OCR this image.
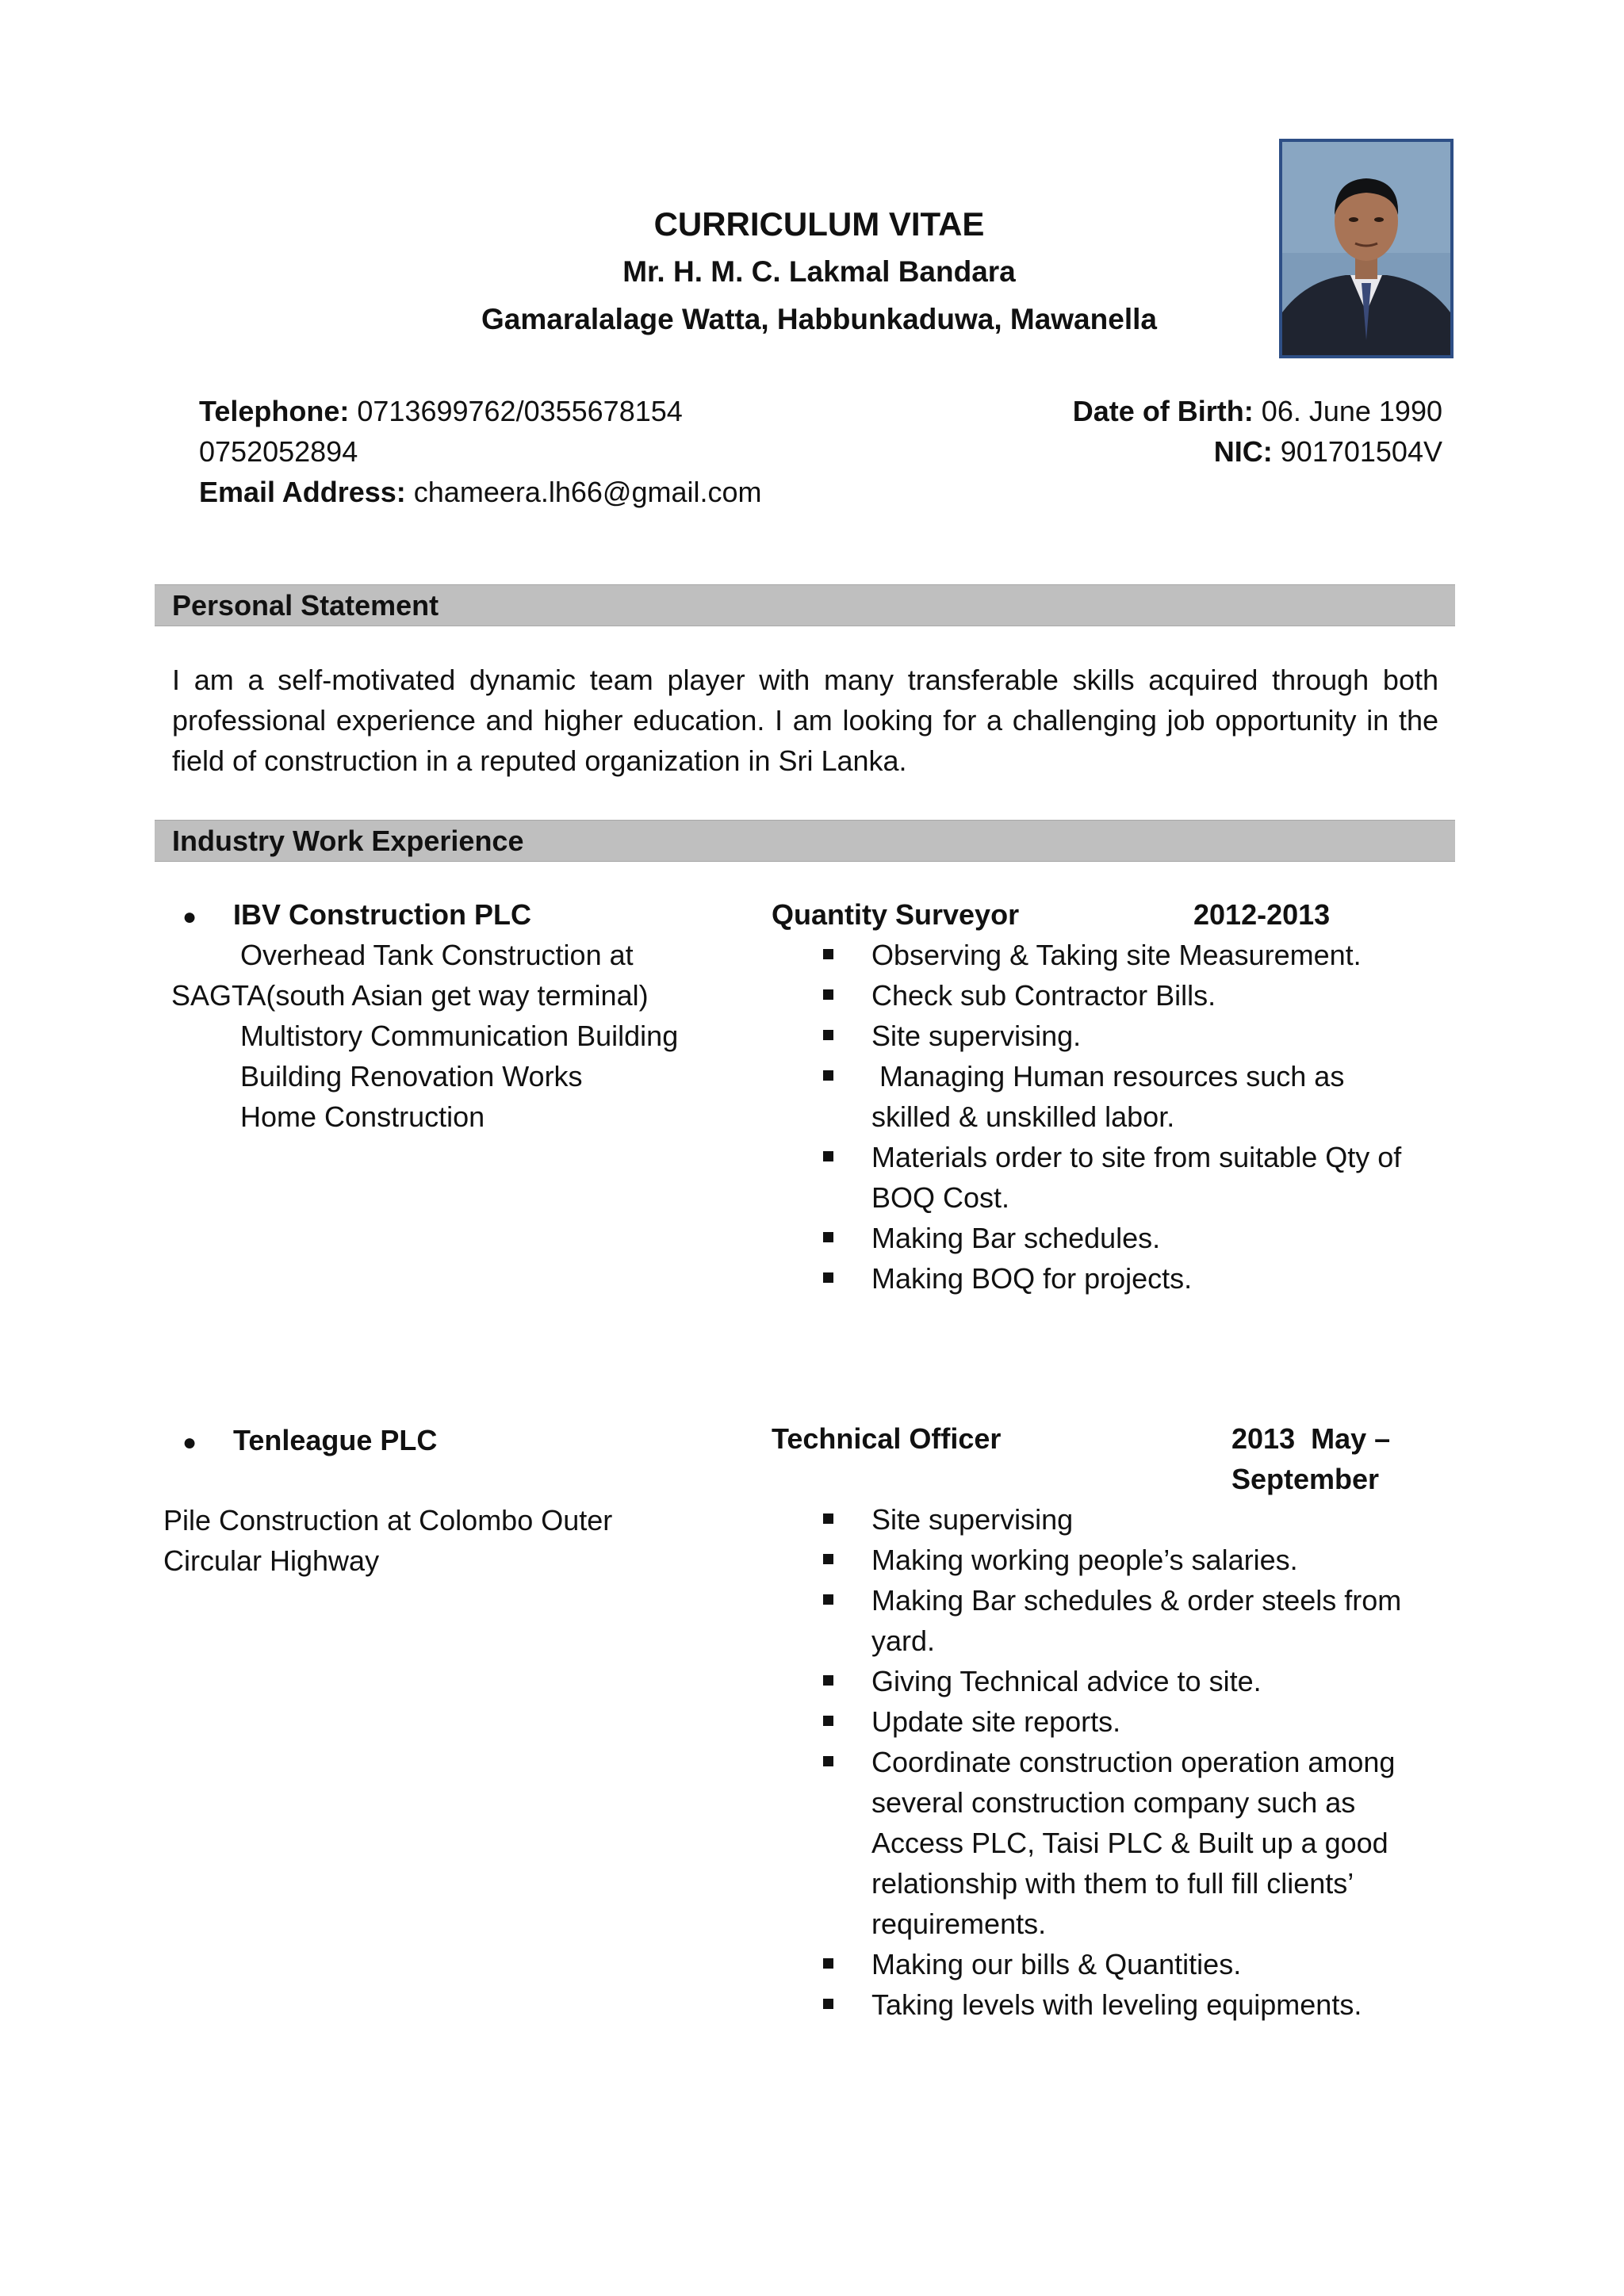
CURRICULUM VITAE
Mr. H. M. C. Lakmal Bandara
Gamaralalage Watta, Habbunkaduwa, Mawanella
Telephone: 0713699762/0355678154
0752052894
Email Address: chameera.lh66@gmail.com
Date of Birth: 06. June 1990
NIC: 901701504V
Personal Statement
I am a self-motivated dynamic team player with many transferable skills acquired through both professional experience and higher education. I am looking for a challenging job opportunity in the field of construction in a reputed organization in Sri Lanka.
Industry Work Experience
● IBV Construction PLC
Overhead Tank Construction at
SAGTA(south Asian get way terminal)
Multistory Communication Building
Building Renovation Works
Home Construction
Quantity Surveyor	2012-2013
Observing & Taking site Measurement.
Check sub Contractor Bills.
Site supervising.
Managing Human resources such as skilled & unskilled labor.
Materials order to site from suitable Qty of BOQ Cost.
Making Bar schedules.
Making BOQ for projects.
● Tenleague PLC
Pile Construction at Colombo Outer
Circular Highway
Technical Officer	2013  May –
September
Site supervising
Making working people’s salaries.
Making Bar schedules & order steels from yard.
Giving Technical advice to site.
Update site reports.
Coordinate construction operation among several construction company such as Access PLC, Taisi PLC & Built up a good relationship with them to full fill clients’ requirements.
Making our bills & Quantities.
Taking levels with leveling equipments.
